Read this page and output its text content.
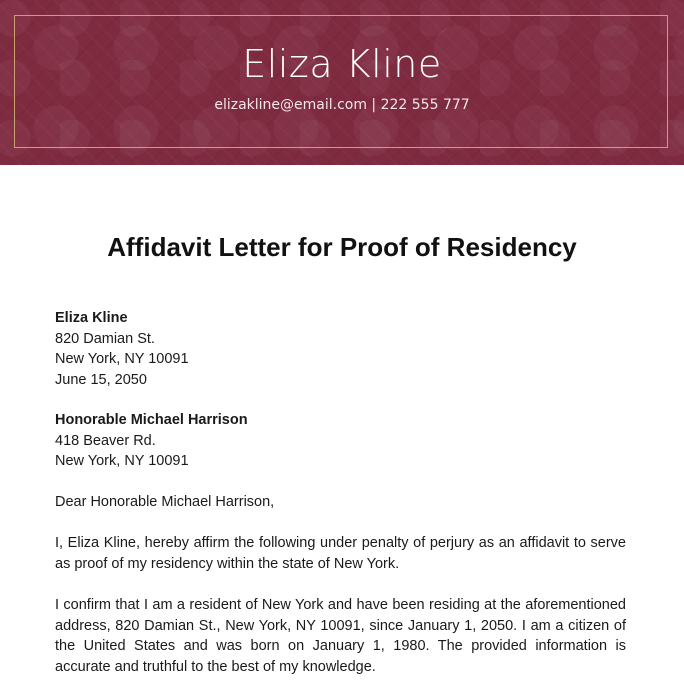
Eliza Kline
elizakline@email.com | 222 555 777
Affidavit Letter for Proof of Residency
Eliza Kline
820 Damian St.
New York, NY 10091
June 15, 2050
Honorable Michael Harrison
418 Beaver Rd.
New York, NY 10091
Dear Honorable Michael Harrison,
I, Eliza Kline, hereby affirm the following under penalty of perjury as an affidavit to serve as proof of my residency within the state of New York.
I confirm that I am a resident of New York and have been residing at the aforementioned address, 820 Damian St., New York, NY 10091, since January 1, 2050. I am a citizen of the United States and was born on January 1, 1980. The provided information is accurate and truthful to the best of my knowledge.
